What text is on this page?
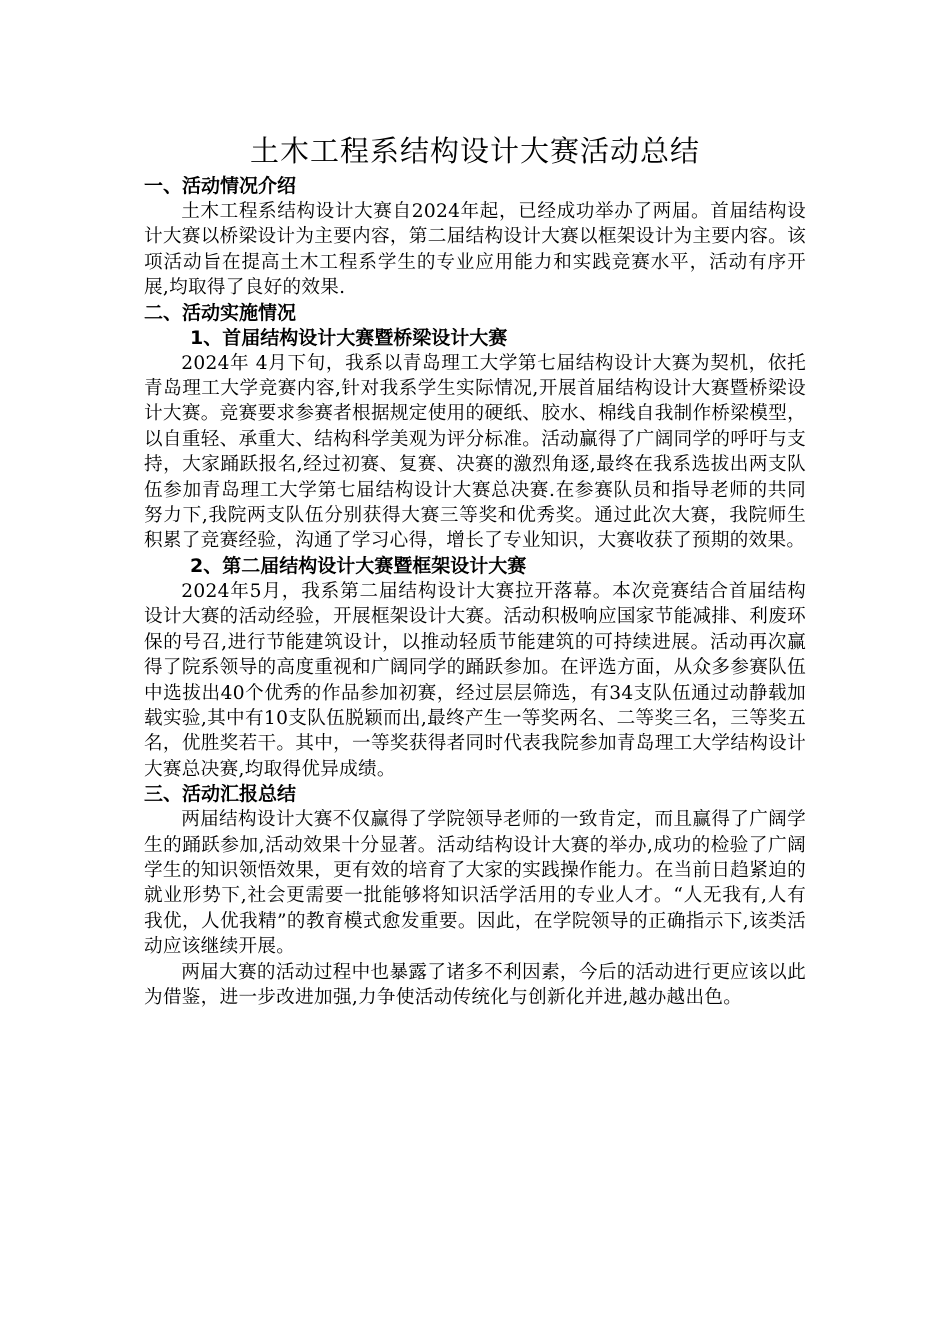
土木工程系结构设计大赛活动总结
一、活动情况介绍

土木工程系结构设计大赛自2024年起，已经成功举办了两届。首届结构设计大赛以桥梁设计为主要内容，第二届结构设计大赛以框架设计为主要内容。该项活动旨在提高土木工程系学生的专业应用能力和实践竞赛水平，活动有序开展,均取得了良好的效果.

二、活动实施情况
1、首届结构设计大赛暨桥梁设计大赛

2024年 4月下旬，我系以青岛理工大学第七届结构设计大赛为契机，依托青岛理工大学竞赛内容,针对我系学生实际情况,开展首届结构设计大赛暨桥梁设计大赛。竞赛要求参赛者根据规定使用的硬纸、胶水、棉线自我制作桥梁模型，以自重轻、承重大、结构科学美观为评分标准。活动赢得了广阔同学的呼吁与支持，大家踊跃报名,经过初赛、复赛、决赛的激烈角逐,最终在我系选拔出两支队伍参加青岛理工大学第七届结构设计大赛总决赛.在参赛队员和指导老师的共同努力下,我院两支队伍分别获得大赛三等奖和优秀奖。通过此次大赛，我院师生积累了竞赛经验，沟通了学习心得，增长了专业知识，大赛收获了预期的效果。

2、第二届结构设计大赛暨框架设计大赛

2024年5月，我系第二届结构设计大赛拉开落幕。本次竞赛结合首届结构设计大赛的活动经验，开展框架设计大赛。活动积极响应国家节能减排、利废环保的号召,进行节能建筑设计，以推动轻质节能建筑的可持续进展。活动再次赢得了院系领导的高度重视和广阔同学的踊跃参加。在评选方面，从众多参赛队伍中选拔出40个优秀的作品参加初赛，经过层层筛选，有34支队伍通过动静载加载实验,其中有10支队伍脱颖而出,最终产生一等奖两名、二等奖三名，三等奖五名，优胜奖若干。其中，一等奖获得者同时代表我院参加青岛理工大学结构设计大赛总决赛,均取得优异成绩。

三、活动汇报总结

两届结构设计大赛不仅赢得了学院领导老师的一致肯定，而且赢得了广阔学生的踊跃参加,活动效果十分显著。活动结构设计大赛的举办,成功的检验了广阔学生的知识领悟效果，更有效的培育了大家的实践操作能力。在当前日趋紧迫的就业形势下,社会更需要一批能够将知识活学活用的专业人才。“人无我有,人有我优，人优我精”的教育模式愈发重要。因此，在学院领导的正确指示下,该类活动应该继续开展。

两届大赛的活动过程中也暴露了诸多不利因素，今后的活动进行更应该以此为借鉴，进一步改进加强,力争使活动传统化与创新化并进,越办越出色。
